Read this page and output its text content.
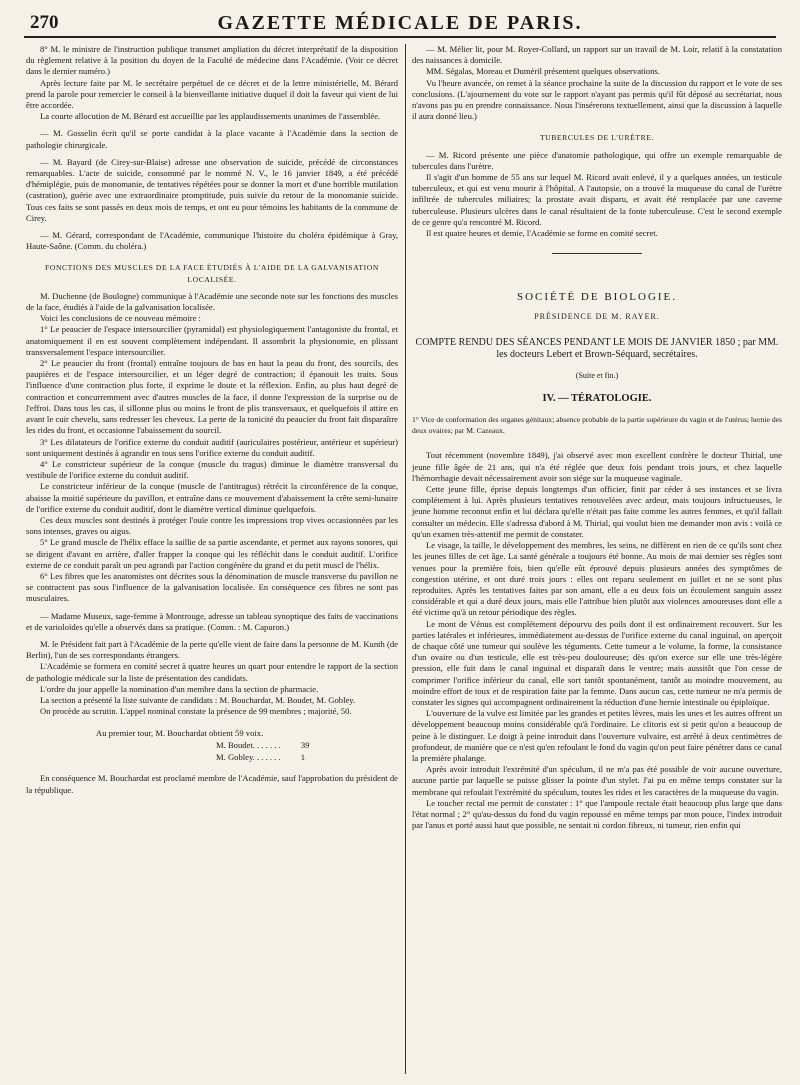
270	GAZETTE MÉDICALE DE PARIS.

8° M. le ministre de l'instruction publique transmet ampliation du décret interprétatif de la disposition du règlement relative à la position du doyen de la Faculté de médecine dans l'Académie. (Voir ce décret dans le dernier numéro.)

Après lecture faite par M. le secrétaire perpétuel de ce décret et de la lettre ministérielle, M. Bérard prend la parole pour remercier le conseil à la bienveillante initiative duquel il doit la faveur qui vient de lui être accordée.

La courte allocution de M. Bérard est accueillie par les applaudissements unanimes de l'assemblée.

— M. Gosselin écrit qu'il se porte candidat à la place vacante à l'Académie dans la section de pathologie chirurgicale.

— M. Bayard (de Cirey-sur-Blaise) adresse une observation de suicide, précédé de circonstances remarquables. L'acte de suicide, consommé par le nommé N. V., le 16 janvier 1849, a été précédé d'hémiplégie, puis de monomanie, de tentatives répétées pour se donner la mort et d'une horrible mutilation (castration), guérie avec une extraordinaire promptitude, puis suivie du retour de la monomanie suicide. Tous ces faits se sont passés en deux mois de temps, et ont eu pour témoins les habitants de la commune de Cirey.

— M. Gérard, correspondant de l'Académie, communique l'histoire du choléra épidémique à Gray, Haute-Saône. (Comm. du choléra.)

FONCTIONS DES MUSCLES DE LA FACE ÉTUDIÉS À L'AIDE DE LA GALVANISATION LOCALISÉE.

M. Duchenne (de Boulogne) communique à l'Académie une seconde note sur les fonctions des muscles de la face, étudiés à l'aide de la galvanisation localisée.

Voici les conclusions de ce nouveau mémoire :

1° Le peaucier de l'espace intersourcilier (pyramidal) est physiologiquement l'antagoniste du frontal, et anatomiquement il en est souvent complètement indépendant. Il assombrit la physionomie, en plissant transversalement l'espace intersourcilier.

2° Le peaucier du front (frontal) entraîne toujours de bas en haut la peau du front, des sourcils, des paupières et de l'espace intersourcilier, et un léger degré de contraction; il épanouit les traits. Sous l'influence d'une contraction plus forte, il exprime le doute et la réflexion. Enfin, au plus haut degré de contraction et concurremment avec d'autres muscles de la face, il donne l'expression de la surprise ou de l'effroi. Dans tous les cas, il sillonne plus ou moins le front de plis transversaux, et quelquefois il attire en avant le cuir chevelu, sans redresser les cheveux. La perte de la tonicité du peaucier du front fait disparaître les rides du front, et occasionne l'abaissement du sourcil.

3° Les dilatateurs de l'orifice externe du conduit auditif (auriculaires postérieur, antérieur et supérieur) sont uniquement destinés à agrandir en tous sens l'orifice externe du conduit auditif.

4° Le constricteur supérieur de la conque (muscle du tragus) diminue le diamètre transversal du vestibule de l'orifice externe du conduit auditif.

Le constricteur inférieur de la conque (muscle de l'antitragus) rétrécit la circonférence de la conque, abaisse la moitié supérieure du pavillon, et entraîne dans ce mouvement d'abaissement la crête semi-lunaire de l'orifice externe du conduit auditif, dont le diamètre vertical diminue quelquefois.

Ces deux muscles sont destinés à protéger l'ouïe contre les impressions trop vives occasionnées par les sons intenses, graves ou aigus.

5° Le grand muscle de l'hélix efface la saillie de sa partie ascendante, et permet aux rayons sonores, qui se dirigent d'avant en arrière, d'aller frapper la conque qui les réfléchit dans le conduit auditif. L'orifice externe de ce conduit paraît un peu agrandi par l'action congénère du grand et du petit muscl de l'hélix.

6° Les fibres que les anatomistes ont décrites sous la dénomination de muscle transverse du pavillon ne se contractent pas sous l'influence de la galvanisation localisée. En conséquence ces fibres ne sont pas musculaires.

— Madame Museux, sage-femme à Montrouge, adresse un tableau synoptique des faits de vaccinations et de varioloïdes qu'elle a observés dans sa pratique. (Comm. : M. Capuron.)

M. le Président fait part à l'Académie de la perte qu'elle vient de faire dans la personne de M. Kunth (de Berlin), l'un de ses correspondants étrangers.

L'Académie se formera en comité secret à quatre heures un quart pour entendre le rapport de la section de pathologie médicale sur la liste de présentation des candidats.

L'ordre du jour appelle la nomination d'un membre dans la section de pharmacie.

La section a présenté la liste suivante de candidats : M. Bouchardat, M. Boudet, M. Gobley.

On procède au scrutin. L'appel nominal constate la présence de 99 membres ; majorité, 50.

Au premier tour, M. Bouchardat obtient 59 voix.
M. Boudet. . . . . . . 39
M. Gobley. . . . . . . 1

En conséquence M. Bouchardat est proclamé membre de l'Académie, sauf l'approbation du président de la république.

— M. Mélier lit, pour M. Royer-Collard, un rapport sur un travail de M. Loir, relatif à la constatation des naissances à domicile.

MM. Ségalas, Moreau et Duméril présentent quelques observations.

Vu l'heure avancée, on remet à la séance prochaine la suite de la discussion du rapport et le vote de ses conclusions. (L'ajournement du vote sur le rapport n'ayant pas permis qu'il fût déposé au secrétariat, nous n'avons pas pu en prendre connaissance. Nous l'insérerons textuellement, ainsi que la discussion à laquelle il aura donné lieu.)

TUBERCULES DE L'URÈTRE.

— M. Ricord présente une pièce d'anatomie pathologique, qui offre un exemple remarquable de tubercules dans l'urètre.

Il s'agit d'un homme de 55 ans sur lequel M. Ricord avait enlevé, il y a quelques années, un testicule tuberculeux, et qui est venu mourir à l'hôpital. A l'autopsie, on a trouvé la muqueuse du canal de l'urètre infiltrée de tubercules miliaires; la prostate avait disparu, et avait été remplacée par une caverne tuberculeuse. Plusieurs ulcères dans le canal résultaient de la fonte tuberculeuse. C'est le second exemple de ce genre qu'a rencontré M. Ricord.

Il est quatre heures et demie, l'Académie se forme en comité secret.

SOCIÉTÉ DE BIOLOGIE.
PRÉSIDENCE DE M. RAYER.
COMPTE RENDU DES SÉANCES PENDANT LE MOIS DE JANVIER 1850 ; par MM. les docteurs Lebert et Brown-Séquard, secrétaires.
(Suite et fin.)
IV. — TÉRATOLOGIE.
1° Vice de conformation des organes génitaux; absence probable de la partie supérieure du vagin et de l'utérus; hernie des deux ovaires; par M. Cazeaux.

Tout récemment (novembre 1849), j'ai observé avec mon excellent confrère le docteur Thirial, une jeune fille âgée de 21 ans, qui n'a été réglée que deux fois pendant trois jours, et chez laquelle l'hémorrhagie devait nécessairement avoir son siége sur la muqueuse vaginale.

Cette jeune fille, éprise depuis longtemps d'un officier, finit par céder à ses instances et se livra complétement à lui. Après plusieurs tentatives renouvelées avec ardeur, mais toujours infructueuses, le jeune homme reconnut enfin et lui déclara qu'elle n'était pas faite comme les autres femmes, et qu'il fallait consulter un médecin. Elle s'adressa d'abord à M. Thirial, qui voulut bien me demander mon avis : voilà ce qu'un examen très-attentif me permit de constater.

Le visage, la taille, le développement des membres, les seins, ne diffèrent en rien de ce qu'ils sont chez les jeunes filles de cet âge. La santé générale a toujours été bonne. Au mois de mai dernier ses règles sont venues pour la première fois, bien qu'elle eût éprouvé depuis plusieurs années des symptômes de congestion utérine, et ont duré trois jours : elles ont reparu seulement en juillet et ne se sont plus reproduites. Après les tentatives faites par son amant, elle a eu deux fois un écoulement sanguin assez considérable et qui a duré deux jours, mais elle l'attribue bien plutôt aux violences amoureuses dont elle a été victime qu'à un retour périodique des règles.

Le mont de Vénus est complétement dépourvu des poils dont il est ordinairement recouvert. Sur les parties latérales et inférieures, immédiatement au-dessus de l'orifice externe du canal inguinal, on aperçoit de chaque côté une tumeur qui soulève les téguments. Cette tumeur a le volume, la forme, la consistance d'un ovaire ou d'un testicule, elle est très-peu douloureuse; dès qu'on exerce sur elle une très-légère pression, elle fuit dans le canal inguinal et disparaît dans le ventre; mais aussitôt que l'on cesse de comprimer l'orifice inférieur du canal, elle sort tantôt spontanément, tantôt au moindre mouvement, au moindre effort de toux et de respiration faite par la femme. Dans aucun cas, cette tumeur ne m'a permis de constater les signes qui accompagnent ordinairement la réduction d'une hernie intestinale ou épiploïque.

L'ouverture de la vulve est limitée par les grandes et petites lèvres, mais les unes et les autres offrent un développement beaucoup moins considérable qu'à l'ordinaire. Le clitoris est si petit qu'on a beaucoup de peine à le distinguer. Le doigt à peine introduit dans l'ouverture vulvaire, est arrêté à deux centimètres de profondeur, de manière que ce n'est qu'en refoulant le fond du vagin qu'on peut faire pénétrer dans ce canal la première phalange.

Après avoir introduit l'extrémité d'un spéculum, il ne m'a pas été possible de voir aucune ouverture, aucune partie par laquelle se puisse glisser la pointe d'un stylet. J'ai pu en même temps constater sur la membrane qui refoulait l'extrémité du spéculum, toutes les rides et les caractères de la muqueuse du vagin.

Le toucher rectal me permit de constater : 1° que l'ampoule rectale était beaucoup plus large que dans l'état normal ; 2° qu'au-dessus du fond du vagin repoussé en même temps par mon pouce, l'index introduit par l'anus et porté aussi haut que possible, ne sentait ni cordon fibreux, ni tumeur, rien enfin qui
